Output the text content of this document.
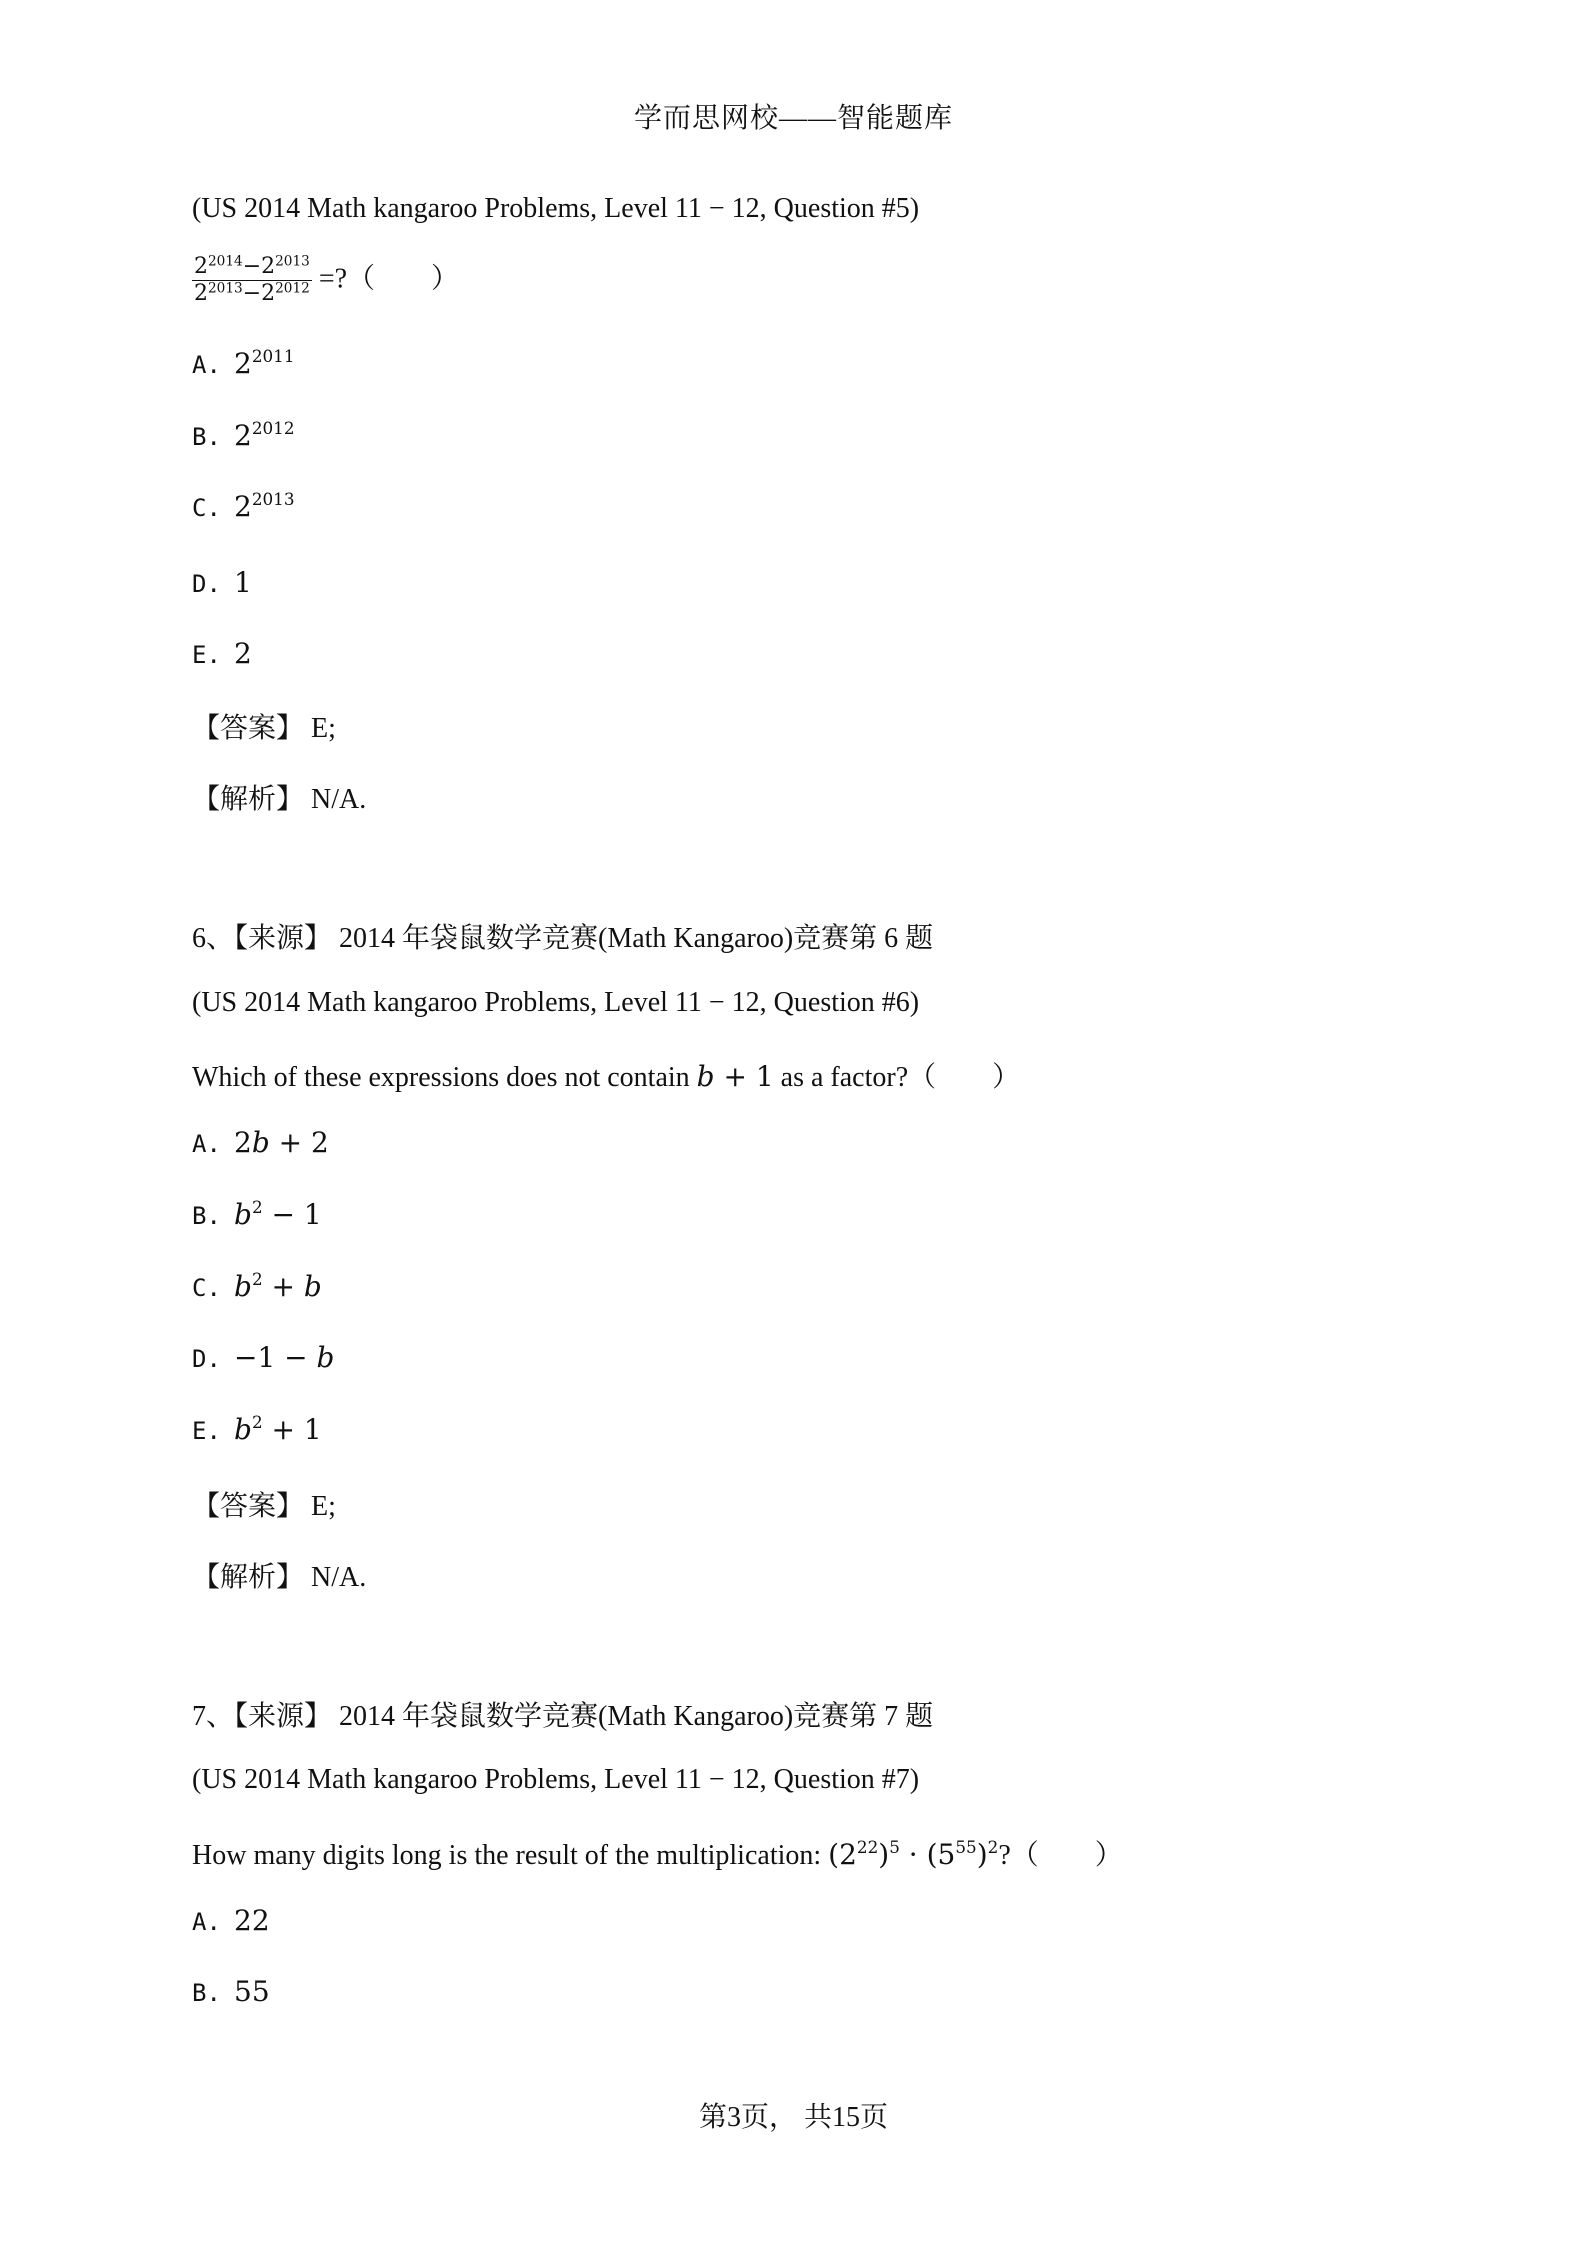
学而思网校——智能题库
(US 2014 Math kangaroo Problems, Level 11 − 12, Question #5)
$\frac{2^{2014}-2^{2013}}{2^{2013}-2^{2012}}$ =?（　　）
A. $2^{2011}$
B. $2^{2012}$
C. $2^{2013}$
D. 1
E. 2
【答案】 E;
【解析】 N/A.
6、【来源】 2014 年袋鼠数学竞赛(Math Kangaroo)竞赛第 6 题
(US 2014 Math kangaroo Problems, Level 11 − 12, Question #6)
Which of these expressions does not contain b + 1 as a factor?（　　）
A. 2b + 2
B. $b^2 - 1$
C. $b^2 + b$
D. −1 − b
E. $b^2 + 1$
【答案】 E;
【解析】 N/A.
7、【来源】 2014 年袋鼠数学竞赛(Math Kangaroo)竞赛第 7 题
(US 2014 Math kangaroo Problems, Level 11 − 12, Question #7)
How many digits long is the result of the multiplication: $(2^{22})^5$ · $(5^{55})^2$?（　　）
A. 22
B. 55
第3页， 共15页
